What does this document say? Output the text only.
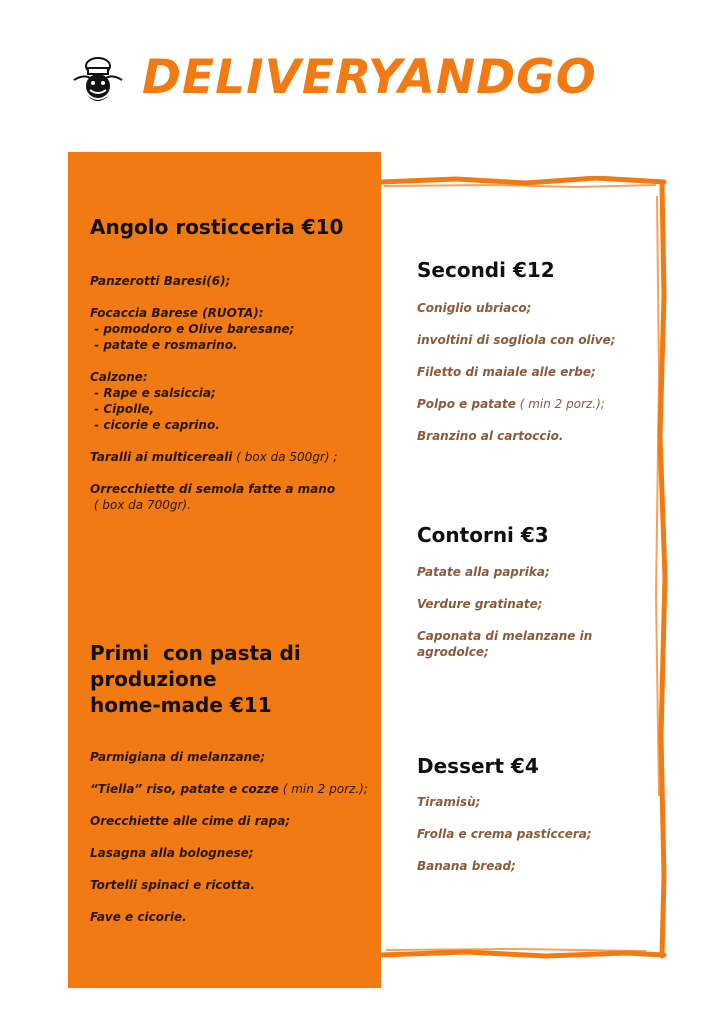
DELIVERYANDGO
Angolo rosticceria €10
Panzerotti Baresi(6);
Focaccia Barese (RUOTA):
- pomodoro e Olive baresane;
- patate e rosmarino.
Calzone:
- Rape e salsiccia;
- Cipolle,
- cicorie e caprino.
Taralli ai multicereali ( box da 500gr) ;
Orrecchiette di semola fatte a mano
( box da 700gr).
Primi  con pasta di
produzione
home-made €11
Parmigiana di melanzane;
“Tiella” riso, patate e cozze ( min 2 porz.);
Orecchiette alle cime di rapa;
Lasagna alla bolognese;
Tortelli spinaci e ricotta.
Fave e cicorie.
Secondi €12
Coniglio ubriaco;
involtini di sogliola con olive;
Filetto di maiale alle erbe;
Polpo e patate ( min 2 porz.);
Branzino al cartoccio.
Contorni €3
Patate alla paprika;
Verdure gratinate;
Caponata di melanzane in
agrodolce;
Dessert €4
Tiramisù;
Frolla e crema pasticcera;
Banana bread;
